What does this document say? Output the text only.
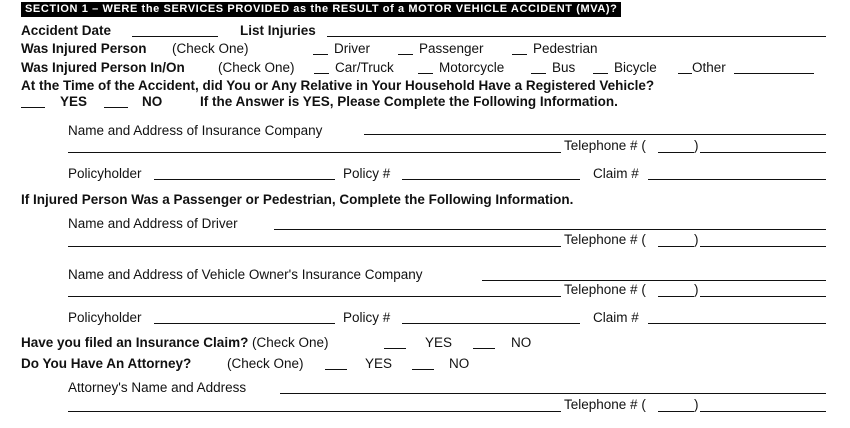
SECTION 1 – WERE the SERVICES PROVIDED as the RESULT of a MOTOR VEHICLE ACCIDENT (MVA)?
Accident Date	List Injuries
Was Injured Person (Check One)	Driver	Passenger	Pedestrian
Was Injured Person In/On (Check One)	Car/Truck	Motorcycle	Bus	Bicycle	Other
At the Time of the Accident, did You or Any Relative in Your Household Have a Registered Vehicle?
YES	NO	If the Answer is YES, Please Complete the Following Information.
Name and Address of Insurance Company
Telephone # (	)
Policyholder	Policy #	Claim #
If Injured Person Was a Passenger or Pedestrian, Complete the Following Information.
Name and Address of Driver
Telephone # (	)
Name and Address of Vehicle Owner's Insurance Company
Telephone # (	)
Policyholder	Policy #	Claim #
Have you filed an Insurance Claim? (Check One)	YES	NO
Do You Have An Attorney?	(Check One)	YES	NO
Attorney's Name and Address
Telephone # (	)
